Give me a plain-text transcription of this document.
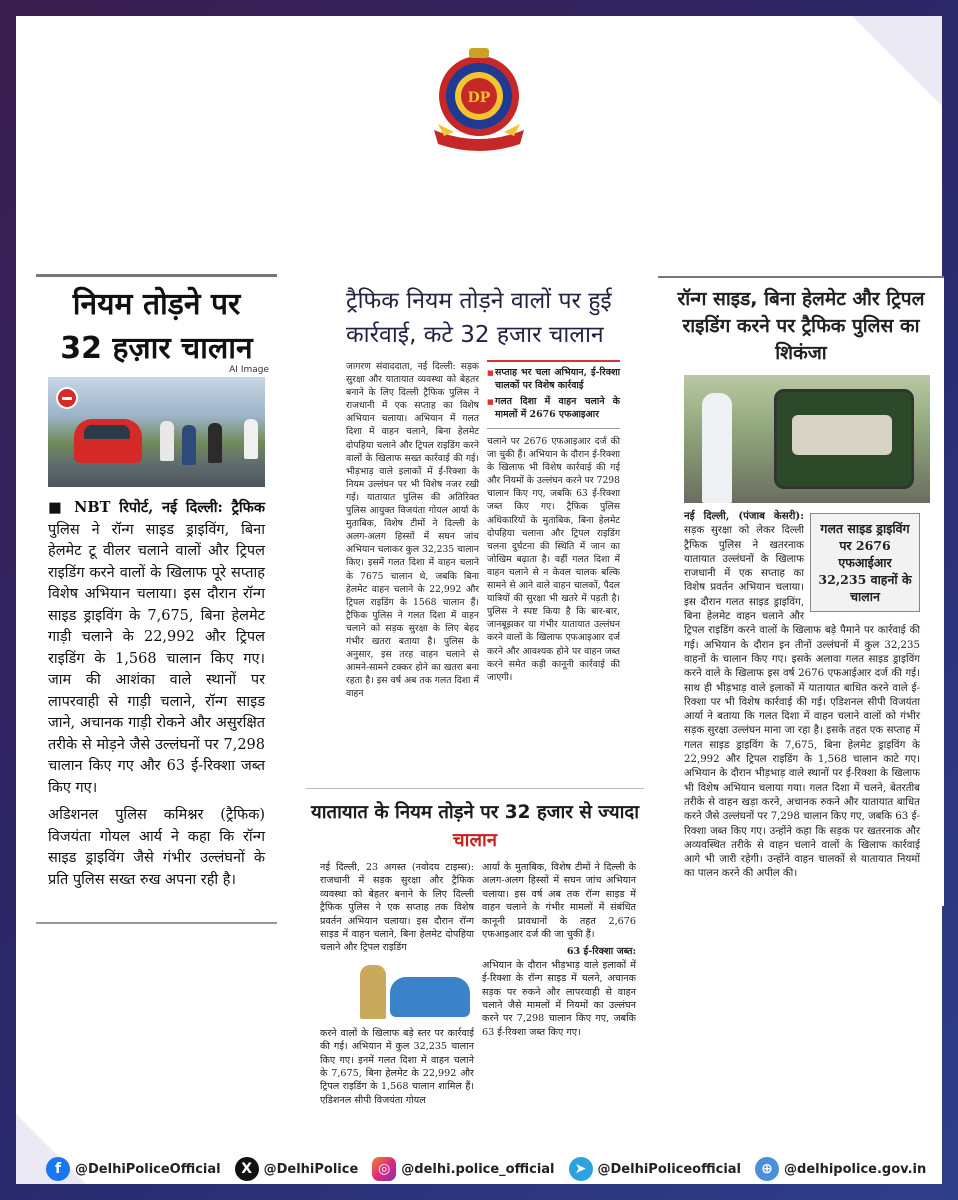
DP
नियम तोड़ने पर
32 हज़ार चालान
AI Image
■ NBT रिपोर्ट, नई दिल्ली: ट्रैफिक पुलिस ने रॉन्ग साइड ड्राइविंग, बिना हेलमेट टू वीलर चलाने वालों और ट्रिपल राइडिंग करने वालों के खिलाफ पूरे सप्ताह विशेष अभियान चलाया। इस दौरान रॉन्ग साइड ड्राइविंग के 7,675, बिना हेलमेट गाड़ी चलाने के 22,992 और ट्रिपल राइडिंग के 1,568 चालान किए गए। जाम की आशंका वाले स्थानों पर लापरवाही से गाड़ी चलाने, रॉन्ग साइड जाने, अचानक गाड़ी रोकने और असुरक्षित तरीके से मोड़ने जैसे उल्लंघनों पर 7,298 चालान किए गए और 63 ई-रिक्शा जब्त किए गए।

अडिशनल पुलिस कमिश्नर (ट्रैफिक) विजयंता गोयल आर्य ने कहा कि रॉन्ग साइड ड्राइविंग जैसे गंभीर उल्लंघनों के प्रति पुलिस सख्त रुख अपना रही है।

ट्रैफिक नियम तोड़ने वालों पर हुई कार्रवाई, कटे 32 हजार चालान
जागरण संवाददाता, नई दिल्ली: सड़क सुरक्षा और यातायात व्यवस्था को बेहतर बनाने के लिए दिल्ली ट्रैफिक पुलिस ने राजधानी में एक सप्ताह का विशेष अभियान चलाया। अभियान में गलत दिशा में वाहन चलाने, बिना हेलमेट दोपहिया चलाने और ट्रिपल राइडिंग करने वालों के खिलाफ सख्त कार्रवाई की गई। भीड़भाड़ वाले इलाकों में ई-रिक्शा के नियम उल्लंघन पर भी विशेष नजर रखी गई। यातायात पुलिस की अतिरिक्त पुलिस आयुक्त विजयंता गोयल आर्या के मुताबिक, विशेष टीमों ने दिल्ली के अलग-अलग हिस्सों में सघन जांच अभियान चलाकर कुल 32,235 चालान किए। इसमें गलत दिशा में वाहन चलाने के 7675 चालान थे, जबकि बिना हेलमेट वाहन चलाने के 22,992 और ट्रिपल राइडिंग के 1568 चालान हैं। ट्रैफिक पुलिस ने गलत दिशा में वाहन चलाने को सड़क सुरक्षा के लिए बेहद गंभीर खतरा बताया है। पुलिस के अनुसार, इस तरह वाहन चलाने से आमने-सामने टक्कर होने का खतरा बना रहता है। इस वर्ष अब तक गलत दिशा में वाहन

■ सप्ताह भर चला अभियान, ई-रिक्शा चालकों पर विशेष कार्रवाई

■ गलत दिशा में वाहन चलाने के मामलों में 2676 एफआइआर

चलाने पर 2676 एफआइआर दर्ज की जा चुकी हैं। अभियान के दौरान ई-रिक्शा के खिलाफ भी विशेष कार्रवाई की गई और नियमों के उल्लंघन करने पर 7298 चालान किए गए, जबकि 63 ई-रिक्शा जब्त किए गए। ट्रैफिक पुलिस अधिकारियों के मुताबिक, बिना हेलमेट दोपहिया चलाना और ट्रिपल राइडिंग चलना दुर्घटना की स्थिति में जान का जोखिम बढ़ाता है। वहीं गलत दिशा में वाहन चलाने से न केवल चालक बल्कि सामने से आने वाले वाहन चालकों, पैदल यात्रियों की सुरक्षा भी खतरे में पड़ती है। पुलिस ने स्पष्ट किया है कि बार-बार, जानबूझकर या गंभीर यातायात उल्लंघन करने वालों के खिलाफ एफआइआर दर्ज करने और आवश्यक होने पर वाहन जब्त करने समेत कड़ी कानूनी कार्रवाई की जाएगी।
रॉन्ग साइड, बिना हेलमेट और ट्रिपल राइडिंग करने पर ट्रैफिक पुलिस का शिकंजा
गलत साइड ड्राइविंग पर 2676 एफआईआर 32,235 वाहनों के चालान
नई दिल्ली, (पंजाब केसरी): सड़क सुरक्षा को लेकर दिल्ली ट्रैफिक पुलिस ने खतरनाक यातायात उल्लंघनों के खिलाफ राजधानी में एक सप्ताह का विशेष प्रवर्तन अभियान चलाया। इस दौरान गलत साइड ड्राइविंग, बिना हेलमेट वाहन चलाने और ट्रिपल राइडिंग करने वालों के खिलाफ बड़े पैमाने पर कार्रवाई की गई। अभियान के दौरान इन तीनों उल्लंघनों में कुल 32,235 वाहनों के चालान किए गए। इसके अलावा गलत साइड ड्राइविंग करने वाले के खिलाफ इस वर्ष 2676 एफआईआर दर्ज की गई। साथ ही भीड़भाड़ वाले इलाकों में यातायात बाधित करने वाले ई-रिक्शा पर भी विशेष कार्रवाई की गई। एडिशनल सीपी विजयंता आर्या ने बताया कि गलत दिशा में वाहन चलाने वालों को गंभीर सड़क सुरक्षा उल्लंघन माना जा रहा है। इसके तहत एक सप्ताह में गलत साइड ड्राइविंग के 7,675, बिना हेलमेट ड्राइविंग के 22,992 और ट्रिपल राइडिंग के 1,568 चालान काटे गए। अभियान के दौरान भीड़भाड़ वाले स्थानों पर ई-रिक्शा के खिलाफ भी विशेष अभियान चलाया गया। गलत दिशा में चलने, बेतरतीब तरीके से वाहन खड़ा करने, अचानक रुकने और यातायात बाधित करने जैसे उल्लंघनों पर 7,298 चालान किए गए, जबकि 63 ई-रिक्शा जब्त किए गए। उन्होंने कहा कि सड़क पर खतरनाक और अव्यवस्थित तरीके से वाहन चलाने वालों के खिलाफ कार्रवाई आगे भी जारी रहेगी। उन्होंने वाहन चालकों से यातायात नियमों का पालन करने की अपील की।
यातायात के नियम तोड़ने पर 32 हजार से ज्यादा चालान
नई दिल्ली, 23 अगस्त (नवोदय टाइम्स): राजधानी में सड़क सुरक्षा और ट्रैफिक व्यवस्था को बेहतर बनाने के लिए दिल्ली ट्रैफिक पुलिस ने एक सप्ताह तक विशेष प्रवर्तन अभियान चलाया। इस दौरान रॉन्ग साइड में वाहन चलाने, बिना हेलमेट दोपहिया चलाने और ट्रिपल राइडिंग
करने वालों के खिलाफ बड़े स्तर पर कार्रवाई की गई। अभियान में कुल 32,235 चालान किए गए। इनमें गलत दिशा में वाहन चलाने के 7,675, बिना हेलमेट के 22,992 और ट्रिपल राइडिंग के 1,568 चालान शामिल हैं। एडिशनल सीपी विजयंता गोयल
आर्या के मुताबिक, विशेष टीमों ने दिल्ली के अलग-अलग हिस्सों में सघन जांच अभियान चलाया। इस वर्ष अब तक रॉन्ग साइड में वाहन चलाने के गंभीर मामलों में संबंधित कानूनी प्रावधानों के तहत 2,676 एफआइआर दर्ज की जा चुकी हैं।
63 ई-रिक्शा जब्त:
अभियान के दौरान भीड़भाड़ वाले इलाकों में ई-रिक्शा के रॉन्ग साइड में चलने, अचानक सड़क पर रुकने और लापरवाही से वाहन चलाने जैसे मामलों में नियमों का उल्लंघन करने पर 7,298 चालान किए गए, जबकि 63 ई-रिक्शा जब्त किए गए।
f	@DelhiPoliceOfficial	X @DelhiPolice	◎ @delhi.police_official	➤ @DelhiPoliceofficial	⊕ @delhipolice.gov.in
